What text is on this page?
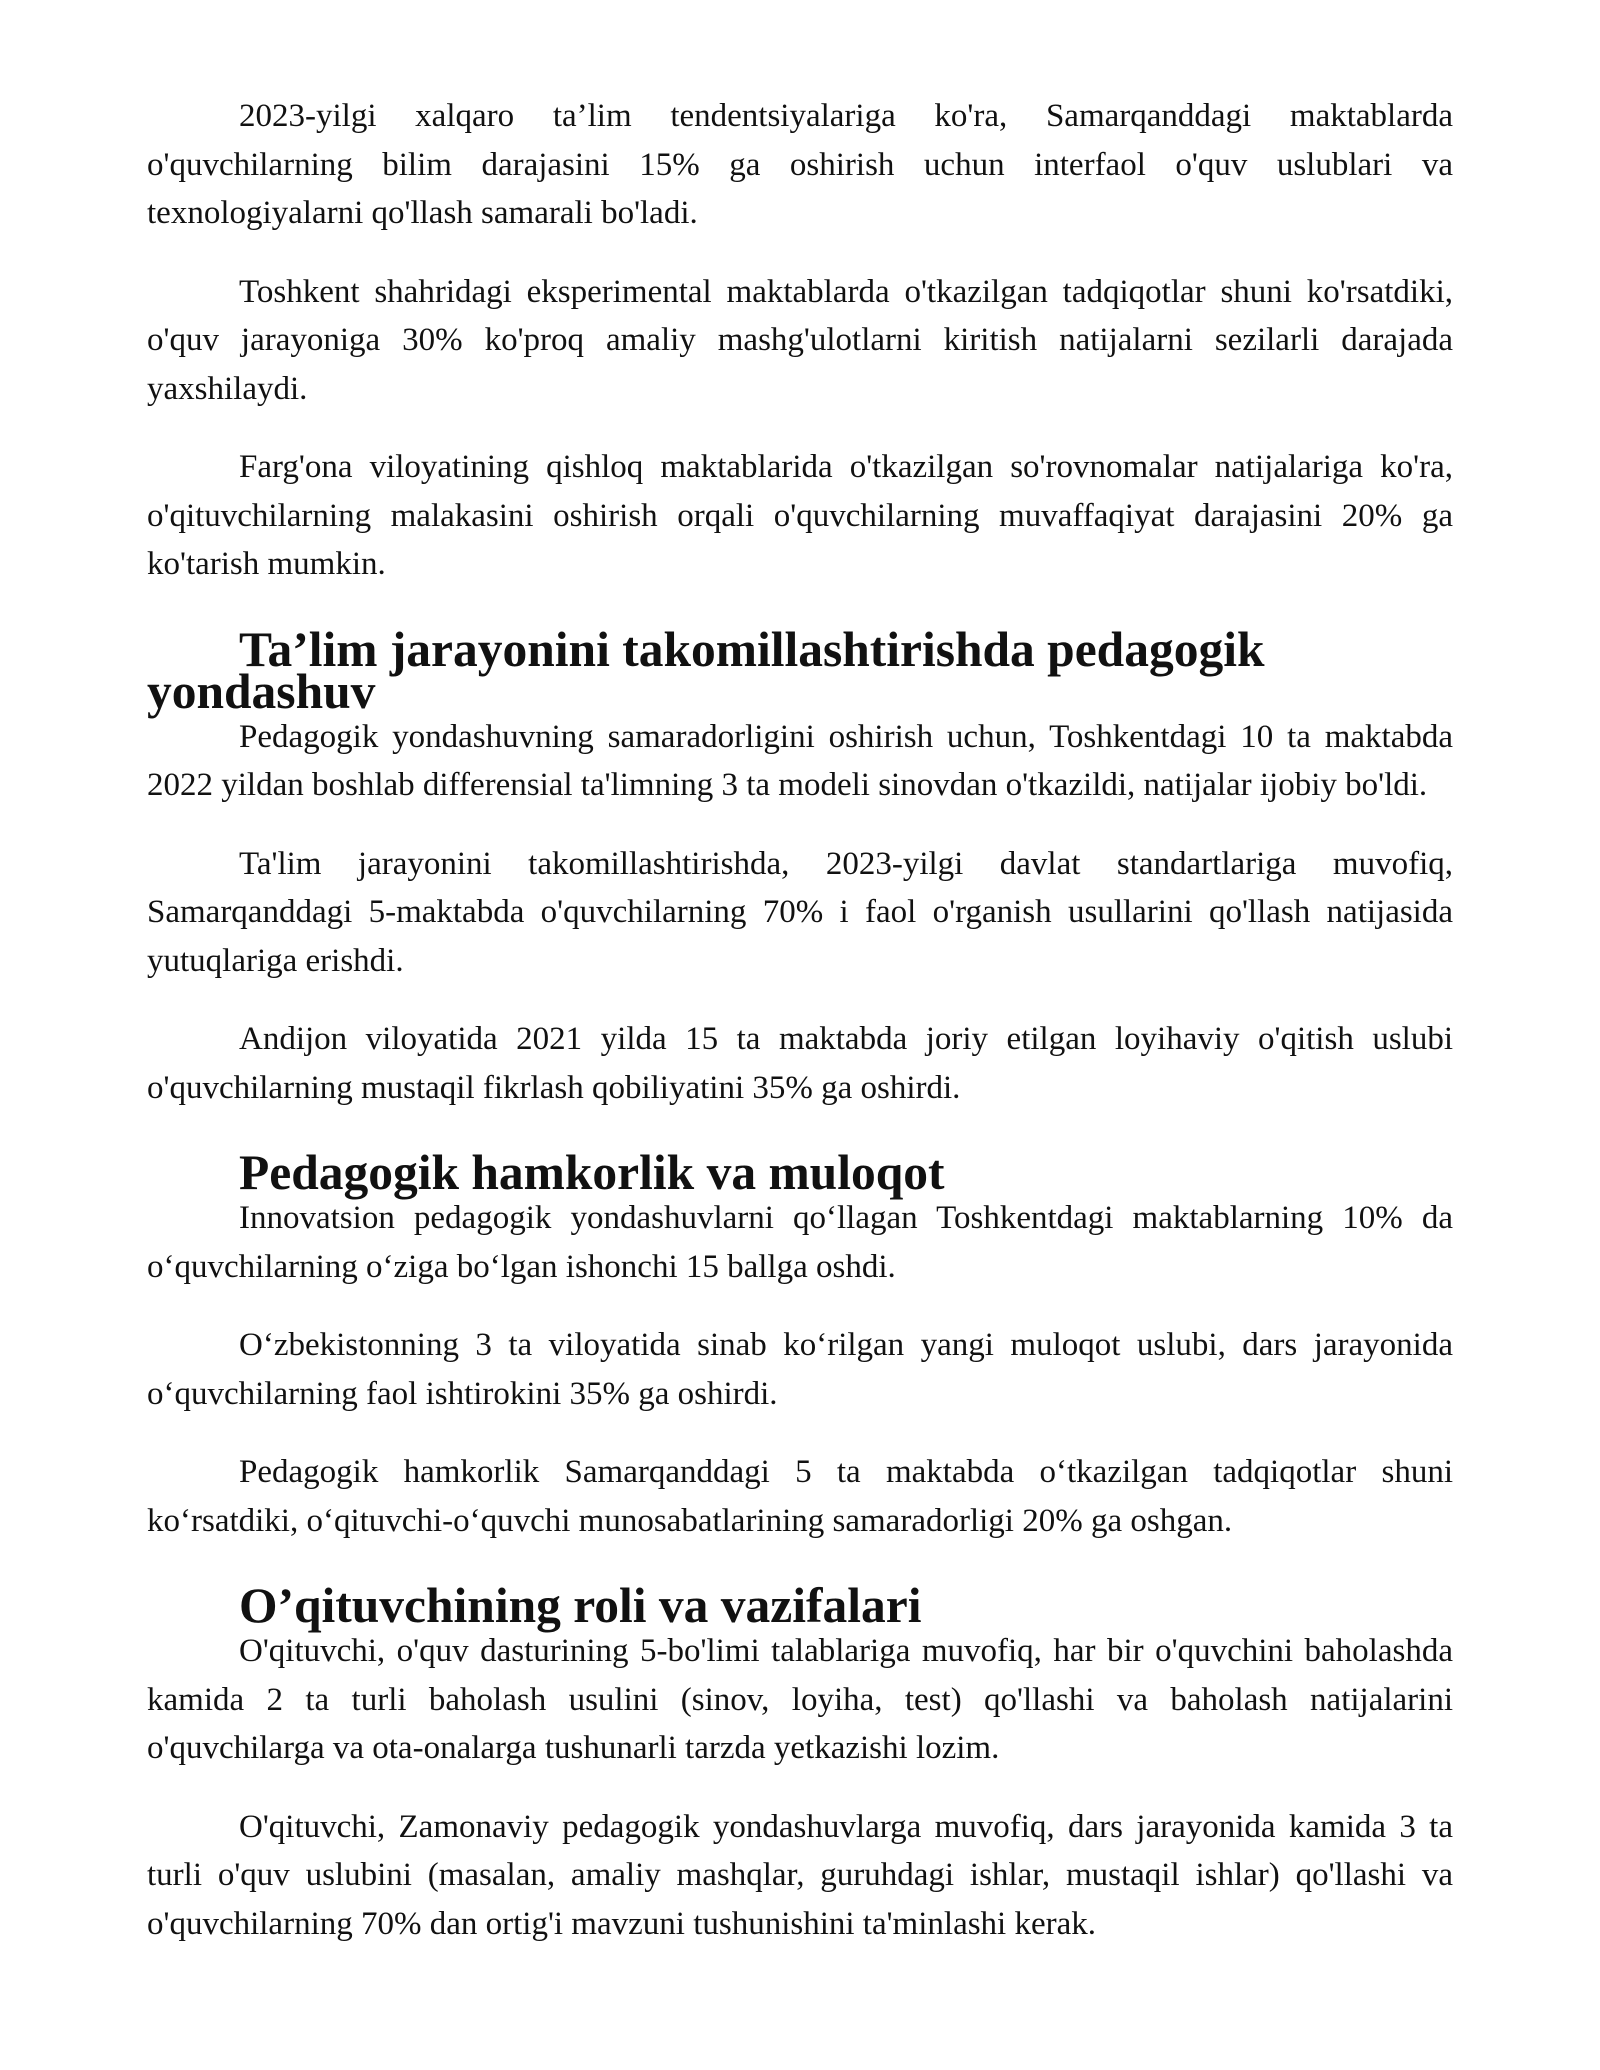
2023-yilgi xalqaro ta’lim tendentsiyalariga ko'ra, Samarqanddagi maktablarda o'quvchilarning bilim darajasini 15% ga oshirish uchun interfaol o'quv uslublari va texnologiyalarni qo'llash samarali bo'ladi.

Toshkent shahridagi eksperimental maktablarda o'tkazilgan tadqiqotlar shuni ko'rsatdiki, o'quv jarayoniga 30% ko'proq amaliy mashg'ulotlarni kiritish natijalarni sezilarli darajada yaxshilaydi.

Farg'ona viloyatining qishloq maktablarida o'tkazilgan so'rovnomalar natijalariga ko'ra, o'qituvchilarning malakasini oshirish orqali o'quvchilarning muvaffaqiyat darajasini 20% ga ko'tarish mumkin.

Ta’lim jarayonini takomillashtirishda pedagogik yondashuv

Pedagogik yondashuvning samaradorligini oshirish uchun, Toshkentdagi 10 ta maktabda 2022 yildan boshlab differensial ta'limning 3 ta modeli sinovdan o'tkazildi, natijalar ijobiy bo'ldi.

Ta'lim jarayonini takomillashtirishda, 2023-yilgi davlat standartlariga muvofiq, Samarqanddagi 5-maktabda o'quvchilarning 70% i faol o'rganish usullarini qo'llash natijasida yutuqlariga erishdi.

Andijon viloyatida 2021 yilda 15 ta maktabda joriy etilgan loyihaviy o'qitish uslubi o'quvchilarning mustaqil fikrlash qobiliyatini 35% ga oshirdi.

Pedagogik hamkorlik va muloqot

Innovatsion pedagogik yondashuvlarni qo‘llagan Toshkentdagi maktablarning 10% da o‘quvchilarning o‘ziga bo‘lgan ishonchi 15 ballga oshdi.

O‘zbekistonning 3 ta viloyatida sinab ko‘rilgan yangi muloqot uslubi, dars jarayonida o‘quvchilarning faol ishtirokini 35% ga oshirdi.

Pedagogik hamkorlik Samarqanddagi 5 ta maktabda o‘tkazilgan tadqiqotlar shuni ko‘rsatdiki, o‘qituvchi-o‘quvchi munosabatlarining samaradorligi 20% ga oshgan.

O’qituvchining roli va vazifalari

O'qituvchi, o'quv dasturining 5-bo'limi talablariga muvofiq, har bir o'quvchini baholashda kamida 2 ta turli baholash usulini (sinov, loyiha, test) qo'llashi va baholash natijalarini o'quvchilarga va ota-onalarga tushunarli tarzda yetkazishi lozim.

O'qituvchi, Zamonaviy pedagogik yondashuvlarga muvofiq, dars jarayonida kamida 3 ta turli o'quv uslubini (masalan, amaliy mashqlar, guruhdagi ishlar, mustaqil ishlar) qo'llashi va o'quvchilarning 70% dan ortig'i mavzuni tushunishini ta'minlashi kerak.
